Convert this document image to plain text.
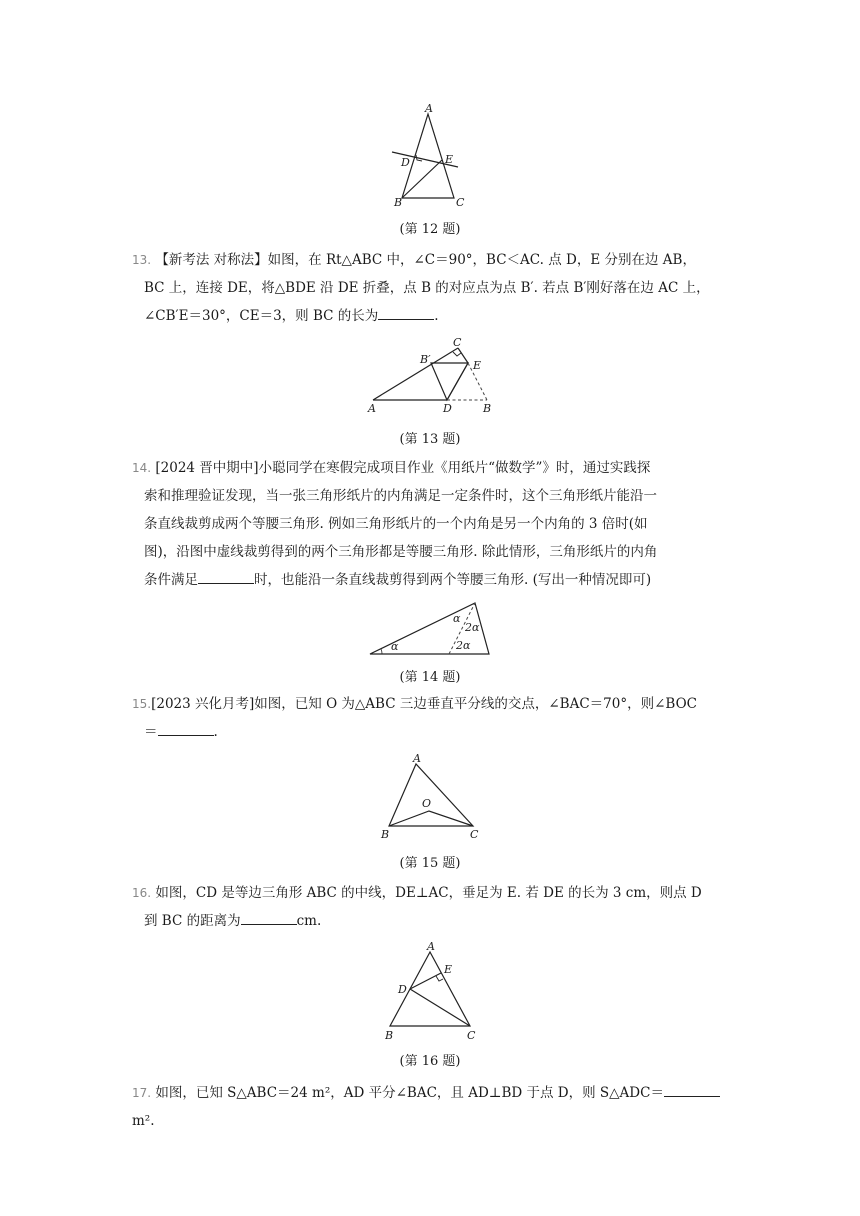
A
D	E
B	C
(第 12 题)
13. 【新考法 对称法】如图，在 Rt△ABC 中，∠C＝90°，BC＜AC. 点 D，E 分别在边 AB，
BC 上，连接 DE，将△BDE 沿 DE 折叠，点 B 的对应点为点 B′. 若点 B′刚好落在边 AC 上，
∠CB′E＝30°，CE＝3，则 BC 的长为	.
C
B′	E
A	D	B
(第 13 题)
14. [2024 晋中期中]小聪同学在寒假完成项目作业《用纸片“做数学”》时，通过实践探
索和推理验证发现，当一张三角形纸片的内角满足一定条件时，这个三角形纸片能沿一
条直线裁剪成两个等腰三角形. 例如三角形纸片的一个内角是另一个内角的 3 倍时(如
图)，沿图中虚线裁剪得到的两个三角形都是等腰三角形. 除此情形，三角形纸片的内角
条件满足	时，也能沿一条直线裁剪得到两个等腰三角形. (写出一种情况即可)
α
α
2α
2α
(第 14 题)
15.[2023 兴化月考]如图，已知 O 为△ABC 三边垂直平分线的交点，∠BAC＝70°，则∠BOC
＝	.
A
O
B	C
(第 15 题)
16. 如图，CD 是等边三角形 ABC 的中线，DE⊥AC，垂足为 E. 若 DE 的长为 3 cm，则点 D
到 BC 的距离为	cm.
A
E
D
B	C
(第 16 题)
17. 如图，已知 S△ABC＝24 m²，AD 平分∠BAC，且 AD⊥BD 于点 D，则 S△ADC＝m².
